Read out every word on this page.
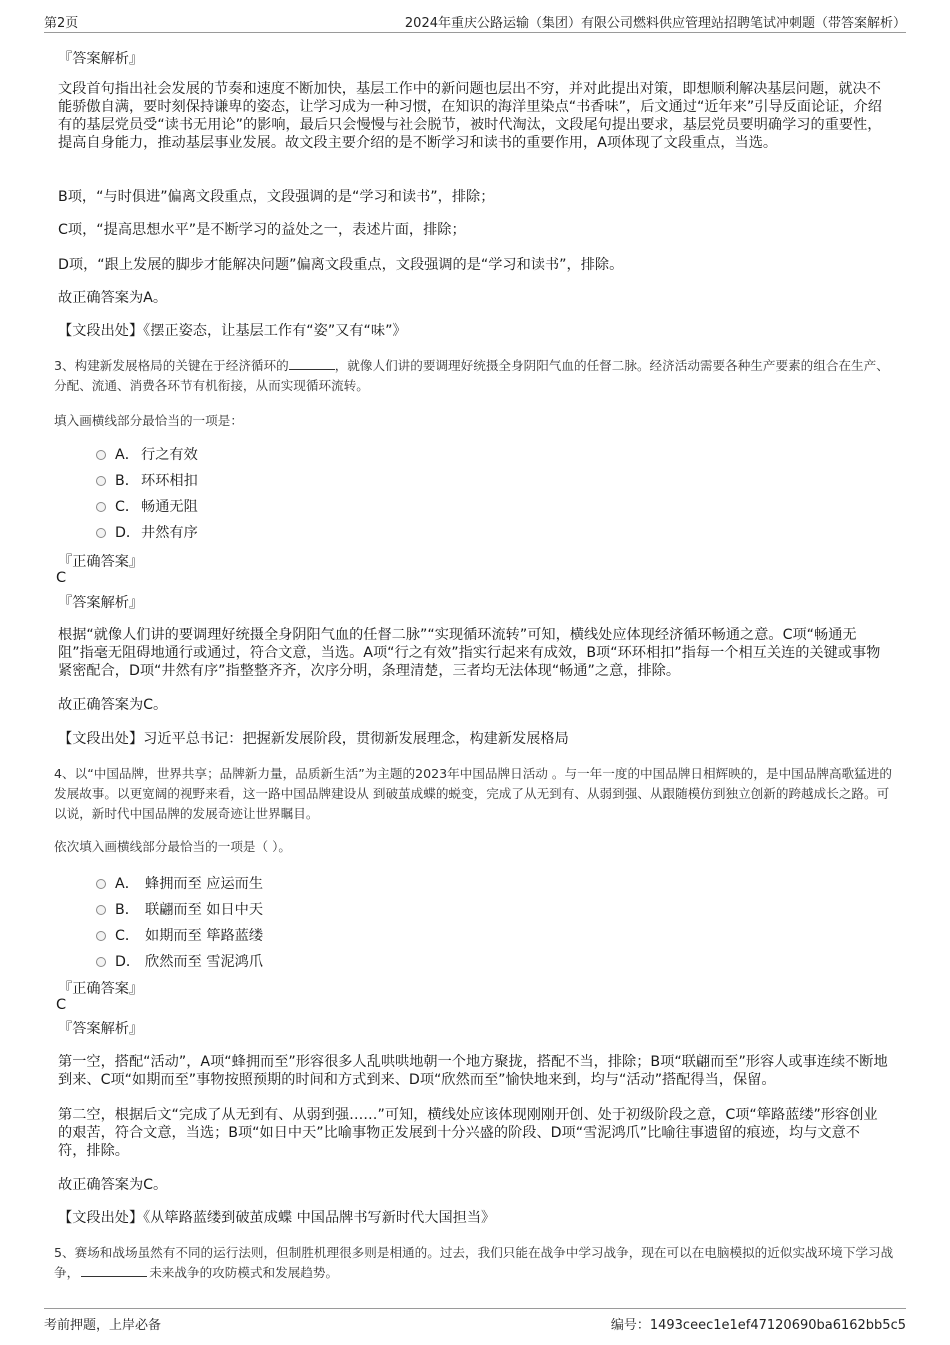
第2页	2024年重庆公路运输（集团）有限公司燃料供应管理站招聘笔试冲刺题（带答案解析）
『答案解析』
文段首句指出社会发展的节奏和速度不断加快，基层工作中的新问题也层出不穷，并对此提出对策，即想顺利解决基层问题，就决不能骄傲自满，要时刻保持谦卑的姿态，让学习成为一种习惯，在知识的海洋里染点“书香味”，后文通过“近年来”引导反面论证，介绍有的基层党员受“读书无用论”的影响，最后只会慢慢与社会脱节，被时代淘汰，文段尾句提出要求，基层党员要明确学习的重要性，提高自身能力，推动基层事业发展。故文段主要介绍的是不断学习和读书的重要作用，A项体现了文段重点，当选。
B项，“与时俱进”偏离文段重点，文段强调的是“学习和读书”，排除；
C项，“提高思想水平”是不断学习的益处之一，表述片面，排除；
D项，“跟上发展的脚步才能解决问题”偏离文段重点，文段强调的是“学习和读书”，排除。
故正确答案为A。
【文段出处】《摆正姿态，让基层工作有“姿”又有“味”》
3、构建新发展格局的关键在于经济循环的	，就像人们讲的要调理好统摄全身阴阳气血的任督二脉。经济活动需要各种生产要素的组合在生产、分配、流通、消费各环节有机衔接，从而实现循环流转。
填入画横线部分最恰当的一项是：
A． 行之有效
B． 环环相扣
C． 畅通无阻
D． 井然有序
『正确答案』
C
『答案解析』
根据“就像人们讲的要调理好统摄全身阴阳气血的任督二脉”“实现循环流转”可知，横线处应体现经济循环畅通之意。C项“畅通无阻”指毫无阻碍地通行或通过，符合文意，当选。A项“行之有效”指实行起来有成效，B项“环环相扣”指每一个相互关连的关键或事物紧密配合，D项“井然有序”指整整齐齐，次序分明，条理清楚，三者均无法体现“畅通”之意，排除。
故正确答案为C。
【文段出处】习近平总书记：把握新发展阶段，贯彻新发展理念，构建新发展格局
4、以“中国品牌，世界共享；品牌新力量，品质新生活”为主题的2023年中国品牌日活动 。与一年一度的中国品牌日相辉映的，是中国品牌高歌猛进的发展故事。以更宽阔的视野来看，这一路中国品牌建设从 到破茧成蝶的蜕变，完成了从无到有、从弱到强、从跟随模仿到独立创新的跨越成长之路。可以说，新时代中国品牌的发展奇迹让世界瞩目。
依次填入画横线部分最恰当的一项是（ ）。
A． 蜂拥而至 应运而生
B． 联翩而至 如日中天
C． 如期而至 筚路蓝缕
D． 欣然而至 雪泥鸿爪
『正确答案』
C
『答案解析』
第一空，搭配“活动”，A项“蜂拥而至”形容很多人乱哄哄地朝一个地方聚拢，搭配不当，排除；B项“联翩而至”形容人或事连续不断地到来、C项“如期而至”事物按照预期的时间和方式到来、D项“欣然而至”愉快地来到，均与“活动”搭配得当，保留。
第二空，根据后文“完成了从无到有、从弱到强……”可知，横线处应该体现刚刚开创、处于初级阶段之意，C项“筚路蓝缕”形容创业的艰苦，符合文意，当选；B项“如日中天”比喻事物正发展到十分兴盛的阶段、D项“雪泥鸿爪”比喻往事遗留的痕迹，均与文意不符，排除。
故正确答案为C。
【文段出处】《从筚路蓝缕到破茧成蝶 中国品牌书写新时代大国担当》
5、赛场和战场虽然有不同的运行法则，但制胜机理很多则是相通的。过去，我们只能在战争中学习战争，现在可以在电脑模拟的近似实战环境下学习战争，	未来战争的攻防模式和发展趋势。
考前押题，上岸必备	编号：1493ceec1e1ef47120690ba6162bb5c5
